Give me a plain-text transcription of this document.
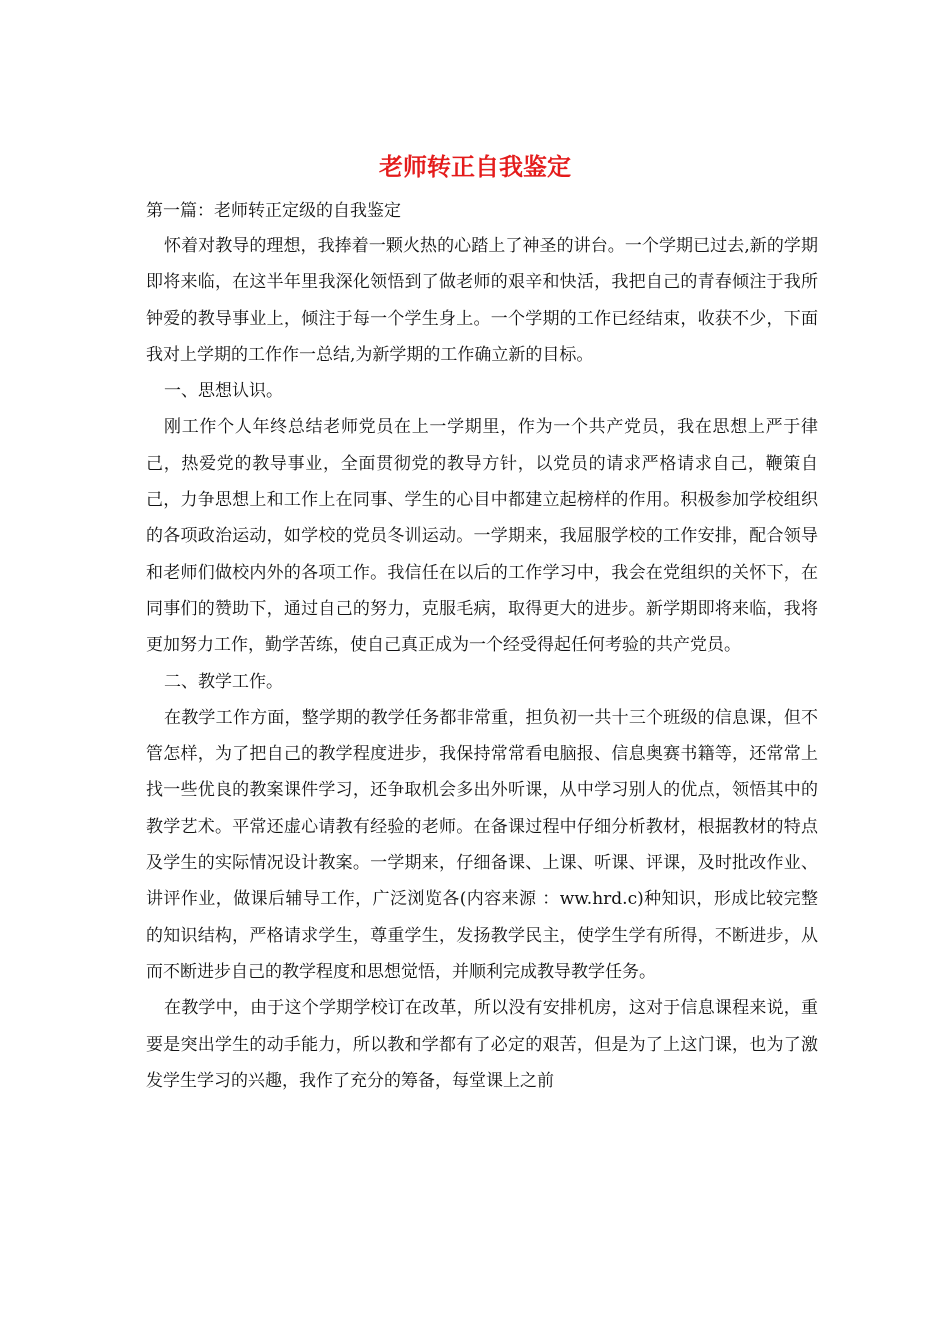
老师转正自我鉴定

第一篇：老师转正定级的自我鉴定

怀着对教导的理想，我捧着一颗火热的心踏上了神圣的讲台。一个学期已过去,新的学期即将来临，在这半年里我深化领悟到了做老师的艰辛和快活，我把自己的青春倾注于我所钟爱的教导事业上，倾注于每一个学生身上。一个学期的工作已经结束，收获不少，下面我对上学期的工作作一总结,为新学期的工作确立新的目标。

一、思想认识。

刚工作个人年终总结老师党员在上一学期里，作为一个共产党员，我在思想上严于律己，热爱党的教导事业，全面贯彻党的教导方针，以党员的请求严格请求自己，鞭策自己，力争思想上和工作上在同事、学生的心目中都建立起榜样的作用。积极参加学校组织的各项政治运动，如学校的党员冬训运动。一学期来，我屈服学校的工作安排，配合领导和老师们做校内外的各项工作。我信任在以后的工作学习中，我会在党组织的关怀下，在同事们的赞助下，通过自己的努力，克服毛病，取得更大的进步。新学期即将来临，我将更加努力工作，勤学苦练，使自己真正成为一个经受得起任何考验的共产党员。

二、教学工作。

在教学工作方面，整学期的教学任务都非常重，担负初一共十三个班级的信息课，但不管怎样，为了把自己的教学程度进步，我保持常常看电脑报、信息奥赛书籍等，还常常上找一些优良的教案课件学习，还争取机会多出外听课，从中学习别人的优点，领悟其中的教学艺术。平常还虚心请教有经验的老师。在备课过程中仔细分析教材，根据教材的特点及学生的实际情况设计教案。一学期来，仔细备课、上课、听课、评课，及时批改作业、讲评作业，做课后辅导工作，广泛浏览各(内容来源 ：ww.hrd.c)种知识，形成比较完整的知识结构，严格请求学生，尊重学生，发扬教学民主，使学生学有所得，不断进步，从而不断进步自己的教学程度和思想觉悟，并顺利完成教导教学任务。

在教学中，由于这个学期学校订在改革，所以没有安排机房，这对于信息课程来说，重要是突出学生的动手能力，所以教和学都有了必定的艰苦，但是为了上这门课，也为了激发学生学习的兴趣，我作了充分的筹备，每堂课上之前
